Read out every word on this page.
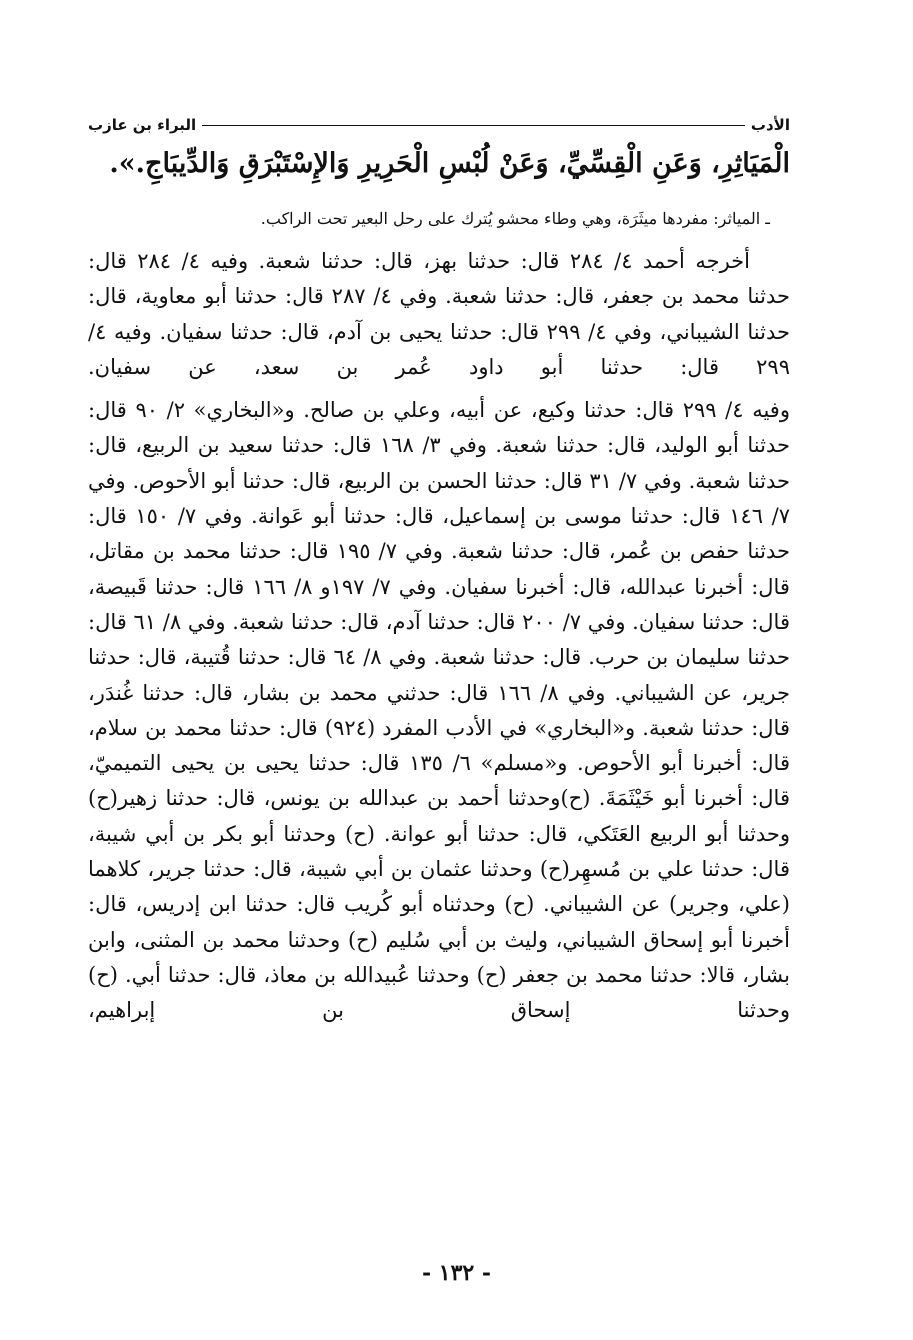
الأدب
البراء بن عازب
الْمَيَاثِرِ، وَعَنِ الْقِسِّيِّ، وَعَنْ لُبْسِ الْحَرِيرِ وَالإِسْتَبْرَقِ وَالدِّيبَاجِ.».
ـ المياثر: مفردها ميثَرَة، وهي وطاء محشو يُترك على رحل البعير تحت الراكب.

أخرجه أحمد ٤/ ٢٨٤ قال: حدثنا بهز، قال: حدثنا شعبة. وفيه ٤/ ٢٨٤ قال: حدثنا محمد بن جعفر، قال: حدثنا شعبة. وفي ٤/ ٢٨٧ قال: حدثنا أبو معاوية، قال: حدثنا الشيباني، وفي ٤/ ٢٩٩ قال: حدثنا يحيى بن آدم، قال: حدثنا سفيان. وفيه ٤/ ٢٩٩ قال: حدثنا أبو داود عُمر بن سعد، عن سفيان.

وفيه ٤/ ٢٩٩ قال: حدثنا وكيع، عن أبيه، وعلي بن صالح. و«البخاري» ٢/ ٩٠ قال: حدثنا أبو الوليد، قال: حدثنا شعبة. وفي ٣/ ١٦٨ قال: حدثنا سعيد بن الربيع، قال: حدثنا شعبة. وفي ٧/ ٣١ قال: حدثنا الحسن بن الربيع، قال: حدثنا أبو الأحوص. وفي ٧/ ١٤٦ قال: حدثنا موسى بن إسماعيل، قال: حدثنا أبو عَوانة. وفي ٧/ ١٥٠ قال: حدثنا حفص بن عُمر، قال: حدثنا شعبة. وفي ٧/ ١٩٥ قال: حدثنا محمد بن مقاتل، قال: أخبرنا عبدالله، قال: أخبرنا سفيان. وفي ٧/ ١٩٧و ٨/ ١٦٦ قال: حدثنا قَبيصة، قال: حدثنا سفيان. وفي ٧/ ٢٠٠ قال: حدثنا آدم، قال: حدثنا شعبة. وفي ٨/ ٦١ قال: حدثنا سليمان بن حرب. قال: حدثنا شعبة. وفي ٨/ ٦٤ قال: حدثنا قُتيبة، قال: حدثنا جرير، عن الشيباني. وفي ٨/ ١٦٦ قال: حدثني محمد بن بشار، قال: حدثنا غُندَر، قال: حدثنا شعبة. و«البخاري» في الأدب المفرد (٩٢٤) قال: حدثنا محمد بن سلام، قال: أخبرنا أبو الأحوص. و«مسلم» ٦/ ١٣٥ قال: حدثنا يحيى بن يحيى التميميّ، قال: أخبرنا أبو خَيْثَمَةَ. (ح)وحدثنا أحمد بن عبدالله بن يونس، قال: حدثنا زهير(ح) وحدثنا أبو الربيع العَتَكي، قال: حدثنا أبو عوانة. (ح) وحدثنا أبو بكر بن أبي شيبة، قال: حدثنا علي بن مُسهِر(ح) وحدثنا عثمان بن أبي شيبة، قال: حدثنا جرير، كلاهما (علي، وجرير) عن الشيباني. (ح) وحدثناه أبو كُريب قال: حدثنا ابن إدريس، قال: أخبرنا أبو إسحاق الشيباني، وليث بن أبي سُليم (ح) وحدثنا محمد بن المثنى، وابن بشار، قالا: حدثنا محمد بن جعفر (ح) وحدثنا عُبيدالله بن معاذ، قال: حدثنا أبي. (ح) وحدثنا إسحاق بن إبراهيم،

- ١٣٢ -
